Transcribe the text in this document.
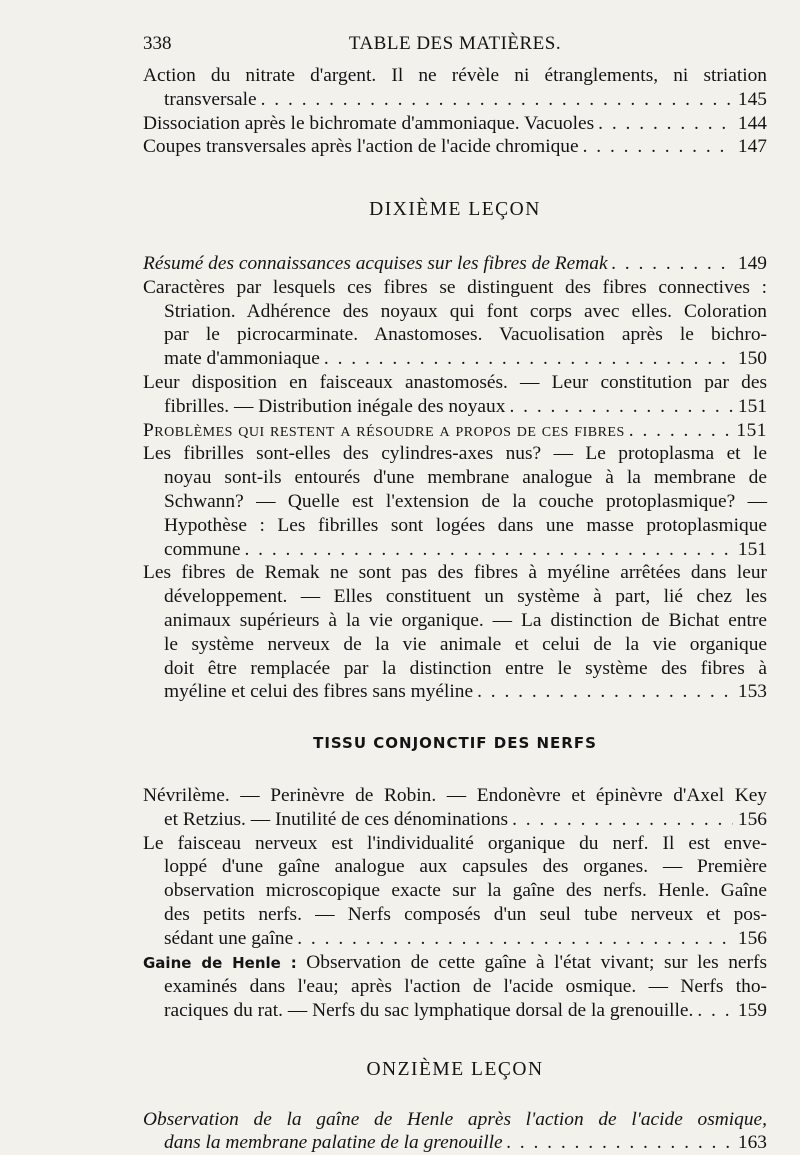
338	TABLE DES MATIÈRES.
Action du nitrate d'argent. Il ne révèle ni étranglements, ni striation
transversale . . .	145
Dissociation après le bichromate d'ammoniaque. Vacuoles . . .	144
Coupes transversales après l'action de l'acide chromique . . .	147
DIXIÈME LEÇON
Résumé des connaissances acquises sur les fibres de Remak . . .	149
Caractères par lesquels ces fibres se distinguent des fibres connectives :
Striation. Adhérence des noyaux qui font corps avec elles. Coloration
par le picrocarminate. Anastomoses. Vacuolisation après le bichro-
mate d'ammoniaque . . .	150
Leur disposition en faisceaux anastomosés. — Leur constitution par des
fibrilles. — Distribution inégale des noyaux . . .	151
Problèmes qui restent a résoudre a propos de ces fibres . . .	151
Les fibrilles sont-elles des cylindres-axes nus? — Le protoplasma et le
noyau sont-ils entourés d'une membrane analogue à la membrane de
Schwann? — Quelle est l'extension de la couche protoplasmique? —
Hypothèse : Les fibrilles sont logées dans une masse protoplasmique
commune . . .	151
Les fibres de Remak ne sont pas des fibres à myéline arrêtées dans leur
développement. — Elles constituent un système à part, lié chez les
animaux supérieurs à la vie organique. — La distinction de Bichat entre
le système nerveux de la vie animale et celui de la vie organique
doit être remplacée par la distinction entre le système des fibres à
myéline et celui des fibres sans myéline . . .	153
TISSU CONJONCTIF DES NERFS
Névrilème. — Perinèvre de Robin. — Endonèvre et épinèvre d'Axel Key
et Retzius. — Inutilité de ces dénominations . . .	156
Le faisceau nerveux est l'individualité organique du nerf. Il est enve-
loppé d'une gaîne analogue aux capsules des organes. — Première
observation microscopique exacte sur la gaîne des nerfs. Henle. Gaîne
des petits nerfs. — Nerfs composés d'un seul tube nerveux et pos-
sédant une gaîne . . .	156
Gaine de Henle : Observation de cette gaîne à l'état vivant; sur les nerfs
examinés dans l'eau; après l'action de l'acide osmique. — Nerfs tho-
raciques du rat. — Nerfs du sac lymphatique dorsal de la grenouille. . . . 159
ONZIÈME LEÇON
Observation de la gaîne de Henle après l'action de l'acide osmique,
dans la membrane palatine de la grenouille . . .	163
